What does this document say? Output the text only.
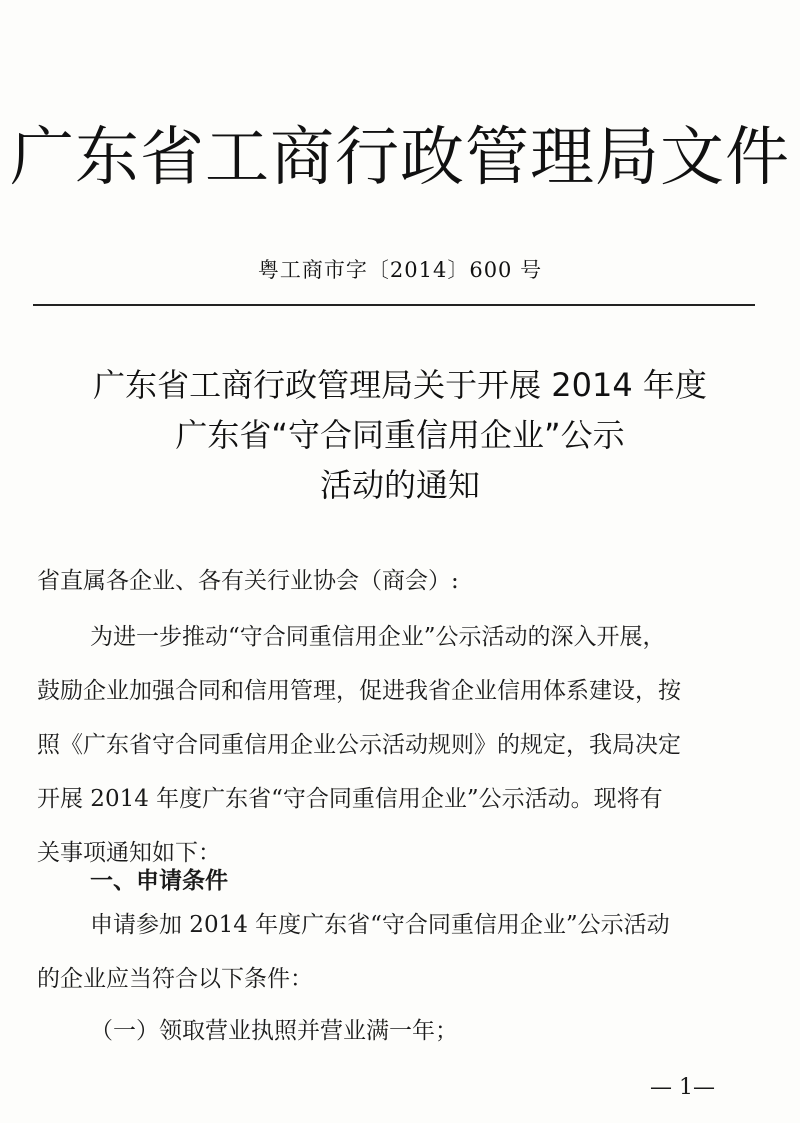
广东省工商行政管理局文件
粤工商市字〔2014〕600 号
广东省工商行政管理局关于开展 2014 年度
广东省“守合同重信用企业”公示
活动的通知
省直属各企业、各有关行业协会（商会）:
为进一步推动“守合同重信用企业”公示活动的深入开展，
鼓励企业加强合同和信用管理，促进我省企业信用体系建设，按
照《广东省守合同重信用企业公示活动规则》的规定，我局决定
开展 2014 年度广东省“守合同重信用企业”公示活动。现将有
关事项通知如下：
一、申请条件
申请参加 2014 年度广东省“守合同重信用企业”公示活动
的企业应当符合以下条件：
（一）领取营业执照并营业满一年；
— 1—
